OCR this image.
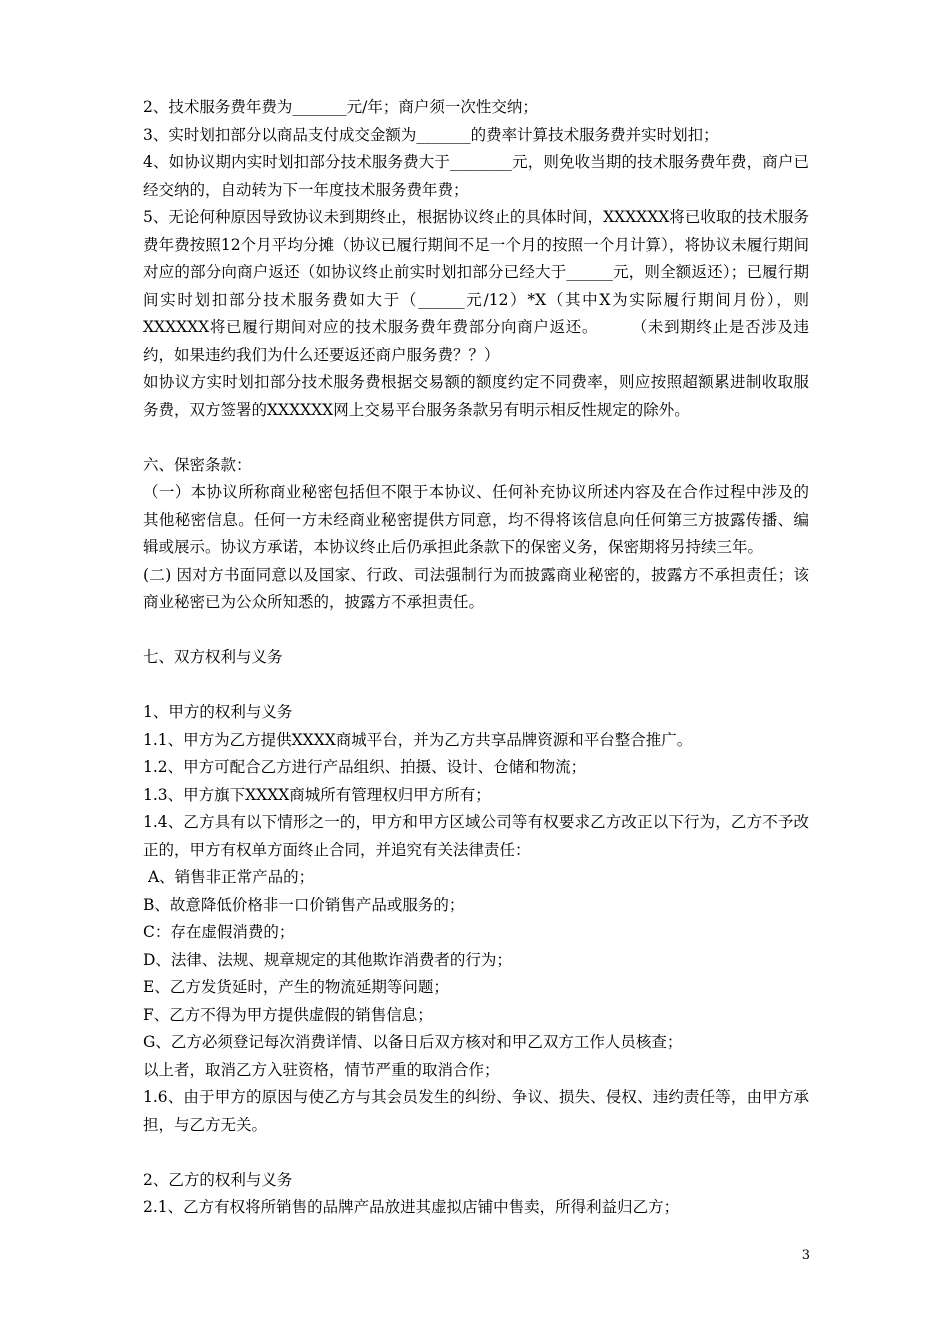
2、技术服务费年费为_______元/年；商户须一次性交纳；

3、实时划扣部分以商品支付成交金额为_______的费率计算技术服务费并实时划扣；

4、如协议期内实时划扣部分技术服务费大于________元，则免收当期的技术服务费年费，商户已经交纳的，自动转为下一年度技术服务费年费；

5、无论何种原因导致协议未到期终止，根据协议终止的具体时间，XXXXXX将已收取的技术服务费年费按照12个月平均分摊（协议已履行期间不足一个月的按照一个月计算），将协议未履行期间对应的部分向商户返还（如协议终止前实时划扣部分已经大于______元，则全额返还）；已履行期间实时划扣部分技术服务费如大于（______元/12）*X（其中X为实际履行期间月份），则XXXXXX将已履行期间对应的技术服务费年费部分向商户返还。      （未到期终止是否涉及违约，如果违约我们为什么还要返还商户服务费？？）

如协议方实时划扣部分技术服务费根据交易额的额度约定不同费率，则应按照超额累进制收取服务费，双方签署的XXXXXX网上交易平台服务条款另有明示相反性规定的除外。

六、保密条款：

（一）本协议所称商业秘密包括但不限于本协议、任何补充协议所述内容及在合作过程中涉及的其他秘密信息。任何一方未经商业秘密提供方同意，均不得将该信息向任何第三方披露传播、编辑或展示。协议方承诺，本协议终止后仍承担此条款下的保密义务，保密期将另持续三年。

(二) 因对方书面同意以及国家、行政、司法强制行为而披露商业秘密的，披露方不承担责任；该商业秘密已为公众所知悉的，披露方不承担责任。

七、双方权利与义务

1、甲方的权利与义务

1.1、甲方为乙方提供XXXX商城平台，并为乙方共享品牌资源和平台整合推广。

1.2、甲方可配合乙方进行产品组织、拍摄、设计、仓储和物流；

1.3、甲方旗下XXXX商城所有管理权归甲方所有；

1.4、乙方具有以下情形之一的，甲方和甲方区域公司等有权要求乙方改正以下行为，乙方不予改正的，甲方有权单方面终止合同，并追究有关法律责任：

A、销售非正常产品的；

B、故意降低价格非一口价销售产品或服务的；

C：存在虚假消费的；

D、法律、法规、规章规定的其他欺诈消费者的行为；

E、乙方发货延时，产生的物流延期等问题；

F、乙方不得为甲方提供虚假的销售信息；

G、乙方必须登记每次消费详情、以备日后双方核对和甲乙双方工作人员核查；

以上者，取消乙方入驻资格，情节严重的取消合作；

1.6、由于甲方的原因与使乙方与其会员发生的纠纷、争议、损失、侵权、违约责任等，由甲方承担，与乙方无关。

2、乙方的权利与义务

2.1、乙方有权将所销售的品牌产品放进其虚拟店铺中售卖，所得利益归乙方；

3
